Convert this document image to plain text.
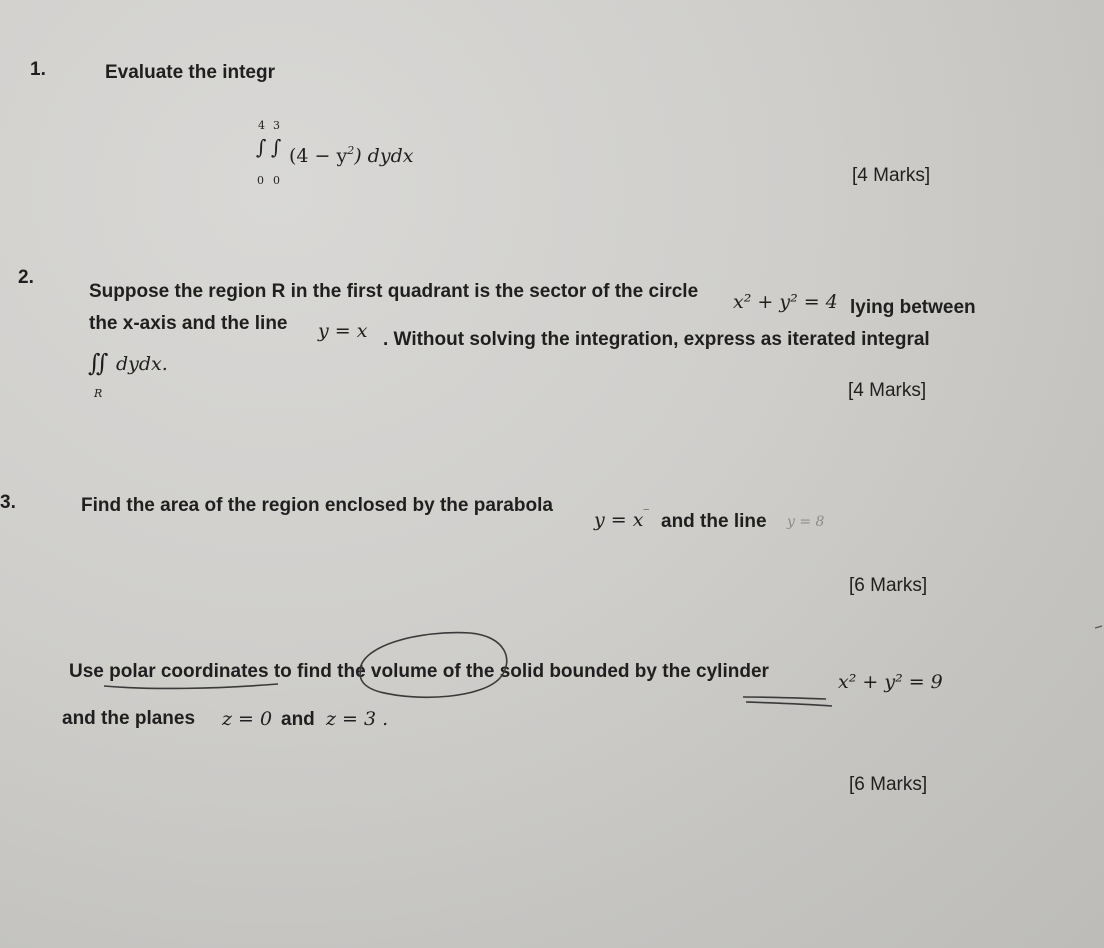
1.	Evaluate the integr
4 3
∫ ∫
0 0
$(4 - y^2)$ dydx
[4 Marks]
2.
Suppose the region R in the first quadrant is the sector of the circle x² + y² = 4 lying between
the x-axis and the line y = x . Without solving the integration, express as iterated integral
∬ dydx.
R	[4 Marks]
3.	Find the area of the region enclosed by the parabola
y = x‾ and the line y = 8
[6 Marks]
Use polar coordinates to find the volume of the solid bounded by the cylinder	x² + y² = 9
and the planes z = 0 and z = 3 .
[6 Marks]
